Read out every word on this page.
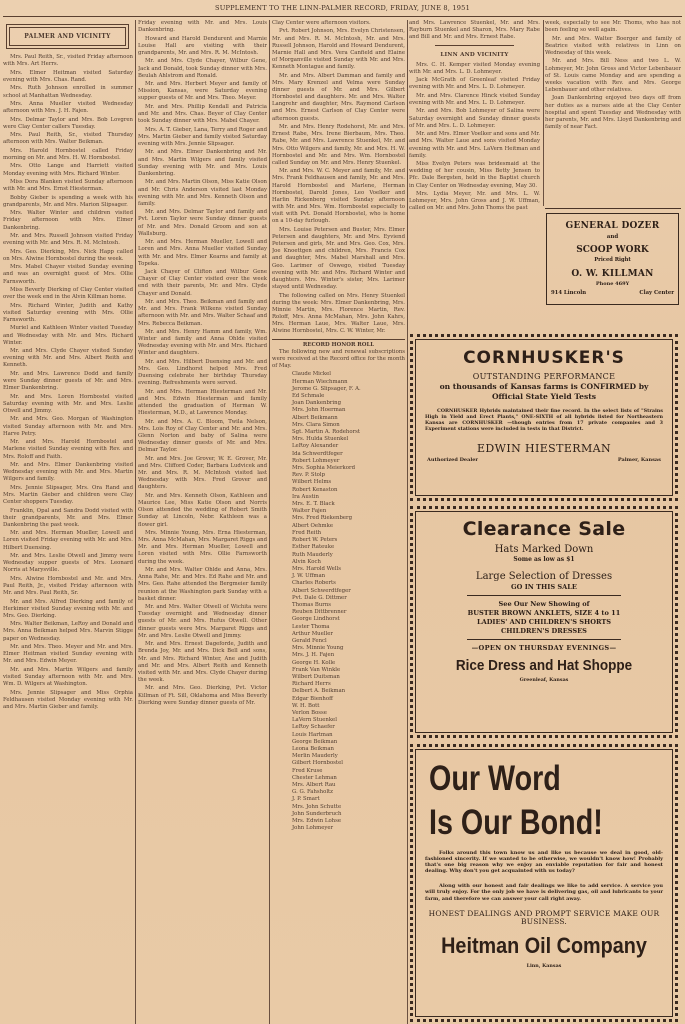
SUPPLEMENT TO THE LINN-PALMER RECORD, FRIDAY, JUNE 8, 1951
PALMER AND VICINITY

Mrs. Paul Reith, Sr., visited Friday afternoon with Mrs. Art Herrs.

Mrs. Elmer Heitman visited Saturday evening with Mrs. Chas. Rand.

Mrs. Ruth Johnson enrolled in summer school at Manhattan Wednesday.

Mrs. Anna Mueller visited Wednesday afternoon with Mrs. J. H. Fajen.

Mrs. Delmar Taylor and Mrs. Bob Lovgren were Clay Center callers Tuesday.

Mrs. Paul Reith, Sr., visited Thursday afternoon with Mrs. Walter Beikman.

Mrs. Harold Hornbostel called Friday morning on Mr. and Mrs. H. W. Hornbostel.

Mrs. Otto Lange and Harriett visited Monday evening with Mrs. Richard Winter.

Miss Dora Blanken visited Sunday afternoon with Mr. and Mrs. Ernst Hiesterman.

Bobby Gieber is spending a week with his grandparents, Mr. and Mrs. Marion Slipsager.

Mrs. Walter Winter and children visited Friday afternoon with Mrs. Elmer Dankenbring.

Mr. and Mrs. Russell Johnson visited Friday evening with Mr. and Mrs. R. M. McIntosh.

Mrs. Geo. Dierking, Mrs. Nick Happ called on Mrs. Alwine Hornbostel during the week.

Mrs. Mabel Chayer visited Sunday evening and was an overnight guest of Mrs. Ollie Farnsworth.

Miss Beverly Dierking of Clay Center visited over the week end in the Alvin Killman home.

Mrs. Richard Winter, Judith and Kathy visited Saturday evening with Mrs. Ollie Farnsworth.

Muriel and Kathleen Winter visited Tuesday and Wednesday with Mr. and Mrs. Richard Winter.

Mr. and Mrs. Clyde Chayer visited Sunday evening with Mr. and Mrs. Albert Reith and Kenneth.

Mr. and Mrs. Lawrence Dodd and family were Sunday dinner guests of Mr. and Mrs. Elmer Dankenbring.

Mr. and Mrs. Loren Hornbostel visited Saturday evening with Mr. and Mrs. Leslie Otwell and Jimmy.

Mr. and Mrs. Geo. Morgan of Washington visited Sunday afternoon with Mr. and Mrs. Harve Petry.

Mr. and Mrs. Harold Hornbostel and Marlene visited Sunday evening with Rev. and Mrs. Roloff and Faith.

Mr. and Mrs. Elmer Dankenbring visited Wednesday evening with Mr. and Mrs. Martin Wilgers and family.

Mrs. Jennie Slipsager, Mrs. Ora Rand and Mrs. Martin Gieber and children were Clay Center shoppers Tuesday.

Franklin, Opal and Sandra Dodd visited with their grandparents, Mr. and Mrs. Elmer Dankenbring the past week.

Mr. and Mrs. Herman Mueller, Lowell and Loren visited Friday evening with Mr. and Mrs. Hilbert Duensing.

Mr. and Mrs. Leslie Otwell and Jimmy were Wednesday supper guests of Mrs. Leonard Norris at Marysville.

Mrs. Alwine Hornbostel and Mr. and Mrs. Paul Reith, Jr., visited Friday afternoon with Mr. and Mrs. Paul Reith, Sr.

Mr. and Mrs. Alfred Dierking and family of Herkimer visited Sunday evening with Mr. and Mrs. Geo. Dierking.

Mrs. Walter Beikman, LeRoy and Donald and Mrs. Anna Beikman helped Mrs. Marvin Stigge paper on Wednesday.

Mr. and Mrs. Theo. Meyer and Mr. and Mrs. Elmer Heitman visited Sunday evening with Mr. and Mrs. Edwin Meyer.

Mr. and Mrs. Martin Wilgers and family visited Sunday afternoon with Mr. and Mrs. Wm. D. Wilgers at Washington.

Mrs. Jennie Slipsager and Miss Orphia Feldhausen visited Monday evening with Mr. and Mrs. Martin Gieber and family.

Friday evening with Mr. and Mrs. Louis Dankenbring.

Howard and Harold Dendurent and Marnie Louise Hall are visiting with their grandparents, Mr. and Mrs. R. M. McIntosh.

Mr. and Mrs. Clyde Chayer, Wilbur Gene, Jack and Donald, took Sunday dinner with Mrs. Beulah Ahlstrom and Ronald.

Mr. and Mrs. Herbert Meyer and family of Mission, Kansas, were Saturday evening supper guests of Mr. and Mrs. Theo. Meyer.

Mr. and Mrs. Phillip Kendall and Patricia and Mr. and Mrs. Chas. Beyer of Clay Center took Sunday dinner with Mrs. Mabel Chayer.

Mrs. A. T. Gieber, Lana, Terry and Roger and Mrs. Martin Gieber and family visited Saturday evening with Mrs. Jennie Slipsager.

Mr. and Mrs. Elmer Dankenbring and Mr. and Mrs. Martin Wilgers and family visited Sunday evening with Mr. and Mrs. Louis Dankenbring.

Mr. and Mrs. Martin Olson, Miss Katie Olson and Mr. Chris Anderson visited last Monday evening with Mr. and Mrs. Kenneth Olson and family.

Mr. and Mrs. Delmar Taylor and family and Pvt. Loren Taylor were Sunday dinner guests of Mr. and Mrs. Donald Groom and son at Wallsburg.

Mr. and Mrs. Herman Mueller, Lowell and Loren and Mrs. Anna Mueller visited Sunday with Mr. and Mrs. Elmer Kearns and family at Topeka.

Jack Chayer of Clifton and Wilbur Gene Chayer of Clay Center visited over the week end with their parents, Mr. and Mrs. Clyde Chayer and Donald.

Mr. and Mrs. Theo. Beikman and family and Mr. and Mrs. Frank Wilkens visited Sunday afternoon with Mr. and Mrs. Walter Schaaf and Mrs. Rebecca Beikman.

Mr. and Mrs. Henry Hamm and family, Wm. Winter and family and Anna Ohlde visited Wednesday evening with Mr. and Mrs. Richard Winter and daughters.

Mr. and Mrs. Hilbert Duensing and Mr. and Mrs. Geo. Lindhorst helped Mrs. Fred Duensing celebrate her birthday Thursday evening. Refreshments were served.

Mr. and Mrs. Herman Hiesterman and Mr. and Mrs. Edwin Hiesterman and family attended the graduation of Herman W. Hiesterman, M.D., at Lawrence Monday.

Mr. and Mrs. A. C. Bloom, Twila Nelson, Mrs. Lois Roy of Clay Center and Mr. and Mrs. Glenn Norton and baby of Salina were Wednesday dinner guests of Mr. and Mrs. Delmar Taylor.

Mr. and Mrs. Joe Grover, W. E. Grover, Mr. and Mrs. Clifford Coder, Barbara Ludvicek and Mr. and Mrs. R. M. McIntosh visited last Wednesday with Mrs. Fred Grover and daughters.

Mr. and Mrs. Kenneth Olson, Kathleen and Maurice Lee, Miss Katie Olson and Norris Olson attended the wedding of Robert Smith Sunday at Lincoln, Nebr. Kathleen was a flower girl.

Mrs. Minnie Young, Mrs. Erna Hiesterman, Mrs. Anna McMahan, Mrs. Margaret Riggs and Mr. and Mrs. Herman Mueller, Lowell and Loren visited with Mrs. Ollie Farnsworth during the week.

Mr. and Mrs. Walter Ohlde and Anna, Mrs. Anna Rahe, Mr. and Mrs. Ed Rahe and Mr. and Mrs. Geo. Rahe attended the Bergmeier family reunion at the Washington park Sunday with a basket dinner.

Mr. and Mrs. Walter Otwell of Wichita were Tuesday overnight and Wednesday dinner guests of Mr. and Mrs. Rufus Otwell. Other dinner guests were Mrs. Margaret Riggs and Mr. and Mrs. Leslie Otwell and Jimmy.

Mr. and Mrs. Ernest Dageforde, Judith and Brenda Joy, Mr. and Mrs. Dick Bell and sons, Mr. and Mrs. Richard Winter, Ane and Judith and Mr. and Mrs. Albert Reith and Kenneth visited with Mr. and Mrs. Clyde Chayer during the week.

Mr. and Mrs. Geo. Dierking, Pvt. Victor Killman of Ft. Sill, Oklahoma and Miss Beverly Dierking were Sunday dinner guests of Mr.

Clay Center were afternoon visitors.

Pvt. Robert Johnson, Mrs. Evelyn Christensen, Mr. and Mrs. R. M. McIntosh, Mr. and Mrs. Russell Johnson, Harold and Howard Dendurent, Marnie Hall and Mrs. Vera Canfield and Elaine of Morganville visited Sunday with Mr. and Mrs. Kenneth Montague and family.

Mr. and Mrs. Albert Damman and family and Mrs. Mary Krenzel and Velma were Sunday dinner guests of Mr. and Mrs. Gilbert Hornbostel and daughters. Mr. and Mrs. Walter Langrehr and daughter, Mrs. Raymond Carlson and Mrs. Ernest Carlson of Clay Center were afternoon guests.

Mr. and Mrs. Henry Rodehorst, Mr. and Mrs. Ernest Rabe, Mrs. Irene Bierbaum, Mrs. Theo. Rabe, Mr. and Mrs. Lawrence Stuenkel, Mr. and Mrs. Otto Wilgers and family, Mr. and Mrs. H. W. Hornbostel and Mr. and Mrs. Wm. Hornbostel called Sunday on Mr. and Mrs. Henry Stuenkel.

Mr. and Mrs. W. C. Meyer and family, Mr. and Mrs. Frank Feldhausen and family, Mr. and Mrs. Harold Hornbostel and Marlene, Herman Hornbostel, Darold Jones, Leo Voelker and Harlin Rickenberg visited Sunday afternoon with Mr. and Mrs. Wm. Hornbostel especially to visit with Pvt. Donald Hornbostel, who is home on a 10-day furlough.

Mrs. Louise Petersen and Buster, Mrs. Elmer Petersen and daughters, Mr. and Mrs. Eyviend Petersen and girls, Mr. and Mrs. Geo. Cox, Mrs. Joe Knoettgen and children, Mrs. Francis Cox and daughter, Mrs. Mabel Marshall and Mrs. Geo. Larimer of Oswego, visited Tuesday evening with Mr. and Mrs. Richard Winter and daughters. Mrs. Winter's sister, Mrs. Larimer stayed until Wednesday.

The following called on Mrs. Henry Stuenkel during the week: Mrs. Elmer Dankenbring, Mrs. Minnie Martin, Mrs. Florence Martin, Rev. Roloff, Mrs. Anna McMahan, Mrs. John Kahrs, Mrs. Herman Laue, Mrs. Walter Laue, Mrs. Alwine Hornbostel, Mrs. C. W. Winter, Mr.

RECORD HONOR ROLL

The following new and renewal subscriptions were received at the Record office for the month of May.

Claude Mickel
Herman Wiechmann
Jerome G. Slipsager, F. A.
Ed Schmale
Joan Dankenbring
Mrs. John Hoerman
Albert Beikmann
Mrs. Clara Simon
Sgt. Martin A. Rodehorst
Mrs. Hulda Stuenkel
LeRoy Alexander
Ida Schwerdtfeger
Robert Lohmeyer
Mrs. Sophia Meierkord
Rev. P. Stolp
Wilbert Helms
Robert Kenaston
Ira Austin
Mrs. E. T. Black
Walter Fajen
Mrs. Fred Riekenberg
Albert Oehmke
Fred Reith
Robert W. Peters
Esther Rateuke
Ruth Mauderly
Alvin Koch
Mrs. Harold Wells
J. W. Uffman
Charles Roberts
Albert Schwerdtfeger
Pvt. Dale G. Dittmer
Thomas Burns
Reuben Dittbrenner
George Lindhorst
Lester Thoma
Arthur Mueller
Gerald Fencl
Mrs. Minnie Young
Mrs. J. H. Fajen
George H. Kolle
Frank Van Winkle
Wilbert Duitsman
Richard Herrs
Delbert A. Beikman
Edgar Bienhoff
W. H. Bott
Verlon Bosse
LaVern Stuenkel
LeRoy Schaefer
Louis Hartman
George Beikman
Leona Beikman
Merlin Mauderly
Gilbert Hornbostel
Fred Kruse
Chester Lehman
Mrs. Albert Rau
G. G. Fahsholtz
J. P. Smart
Mrs. John Schutte
John Sunderbruch
Mrs. Edwin Lohse
John Lohmeyer

and Mrs. Lawrence Stuenkel, Mr. and Mrs. Rayburn Stuenkel and Sharon, Mrs. Mary Rabe and Bill and Mr. and Mrs. Ernest Rabe.

LINN AND VICINITY

Mrs. C. H. Kemper visited Monday evening with Mr. and Mrs. L. D. Lohmeyer.

Jack McGrath of Greenleaf visited Friday evening with Mr. and Mrs. L. D. Lohmeyer.

Mr. and Mrs. Clarence Hinck visited Sunday evening with Mr. and Mrs. L. D. Lohmeyer.

Mr. and Mrs. Bob Lohmeyer of Salina were Saturday overnight and Sunday dinner guests of Mr. and Mrs. L. D. Lohmeyer.

Mr. and Mrs. Elmer Voelker and sons and Mr. and Mrs. Walter Laue and sons visited Monday evening with Mr. and Mrs. LaVern Heitman and family.

Miss Evelyn Peters was bridesmaid at the wedding of her cousin, Miss Betty Jensen to Pfc. Dale Bergsten, held in the Baptist church in Clay Center on Wednesday evening, May 30.

Mrs. Lydia Meyer, Mr. and Mrs. L. W. Lohmeyer, Mrs. John Gross and J. W. Uffman, called on Mr. and Mrs. John Thoms the past

week, especially to see Mr. Thoms, who has not been feeling so well again.

Mr. and Mrs. Walter Boerger and family of Beatrice visited with relatives in Linn on Wednesday of this week.

Mr. and Mrs. Bill Ness and two L. W. Lohmeyer, Mr. John Gross and Victor Lebenbauer of St. Louis came Monday and are spending a weeks vacation with Rev. and Mrs. George Lebenbauer and other relatives.

Joan Dankenbring enjoyed two days off from her duties as a nurses aide at the Clay Center hospital and spent Tuesday and Wednesday with her parents, Mr. and Mrs. Lloyd Dankenbring and family of near Fact.

GENERAL DOZER
and
SCOOP WORK
Priced Right
O. W. KILLMAN
Phone 469Y
914 Lincoln	Clay Center
CORNHUSKER'S
OUTSTANDING PERFORMANCE
on thousands of Kansas farms is CONFIRMED by
Official State Yield Tests
CORNHUSKER Hybrids maintained their fine record. In the select lists of "Strains High in Yield and Erect Plants," ONE-SIXTH of all hybrids listed for Northeastern Kansas are CORNHUSKER —though entries from 17 private companies and 3 Experiment stations were included in tests in that District.
EDWIN HIESTERMAN
Authorized Dealer	Palmer, Kansas
Clearance Sale
Hats Marked Down
Some as low as $1
Large Selection of Dresses
GO IN THIS SALE
See Our New Showing of
BUSTER BROWN ANKLETS, SIZE 4 to 11
LADIES' AND CHILDREN'S SHORTS
CHILDREN'S DRESSES
—OPEN ON THURSDAY EVENINGS—
Rice Dress and Hat Shoppe
Greenleaf, Kansas
Our Word
Is Our Bond!
Folks around this town know us and like us because we deal in good, old-fashioned sincerity. If we wanted to be otherwise, we wouldn't know how! Probably that's one big reason why we enjoy an enviable reputation for fair and honest dealing. Why don't you get acquainted with us today?
Along with our honest and fair dealings we like to add service. A service you will truly enjoy. For the only job we have is delivering gas, oil and lubricants to your farm, and therefore we can answer your call right away.
HONEST DEALINGS AND PROMPT SERVICE MAKE OUR BUSINESS.
Heitman Oil Company
Linn, Kansas
